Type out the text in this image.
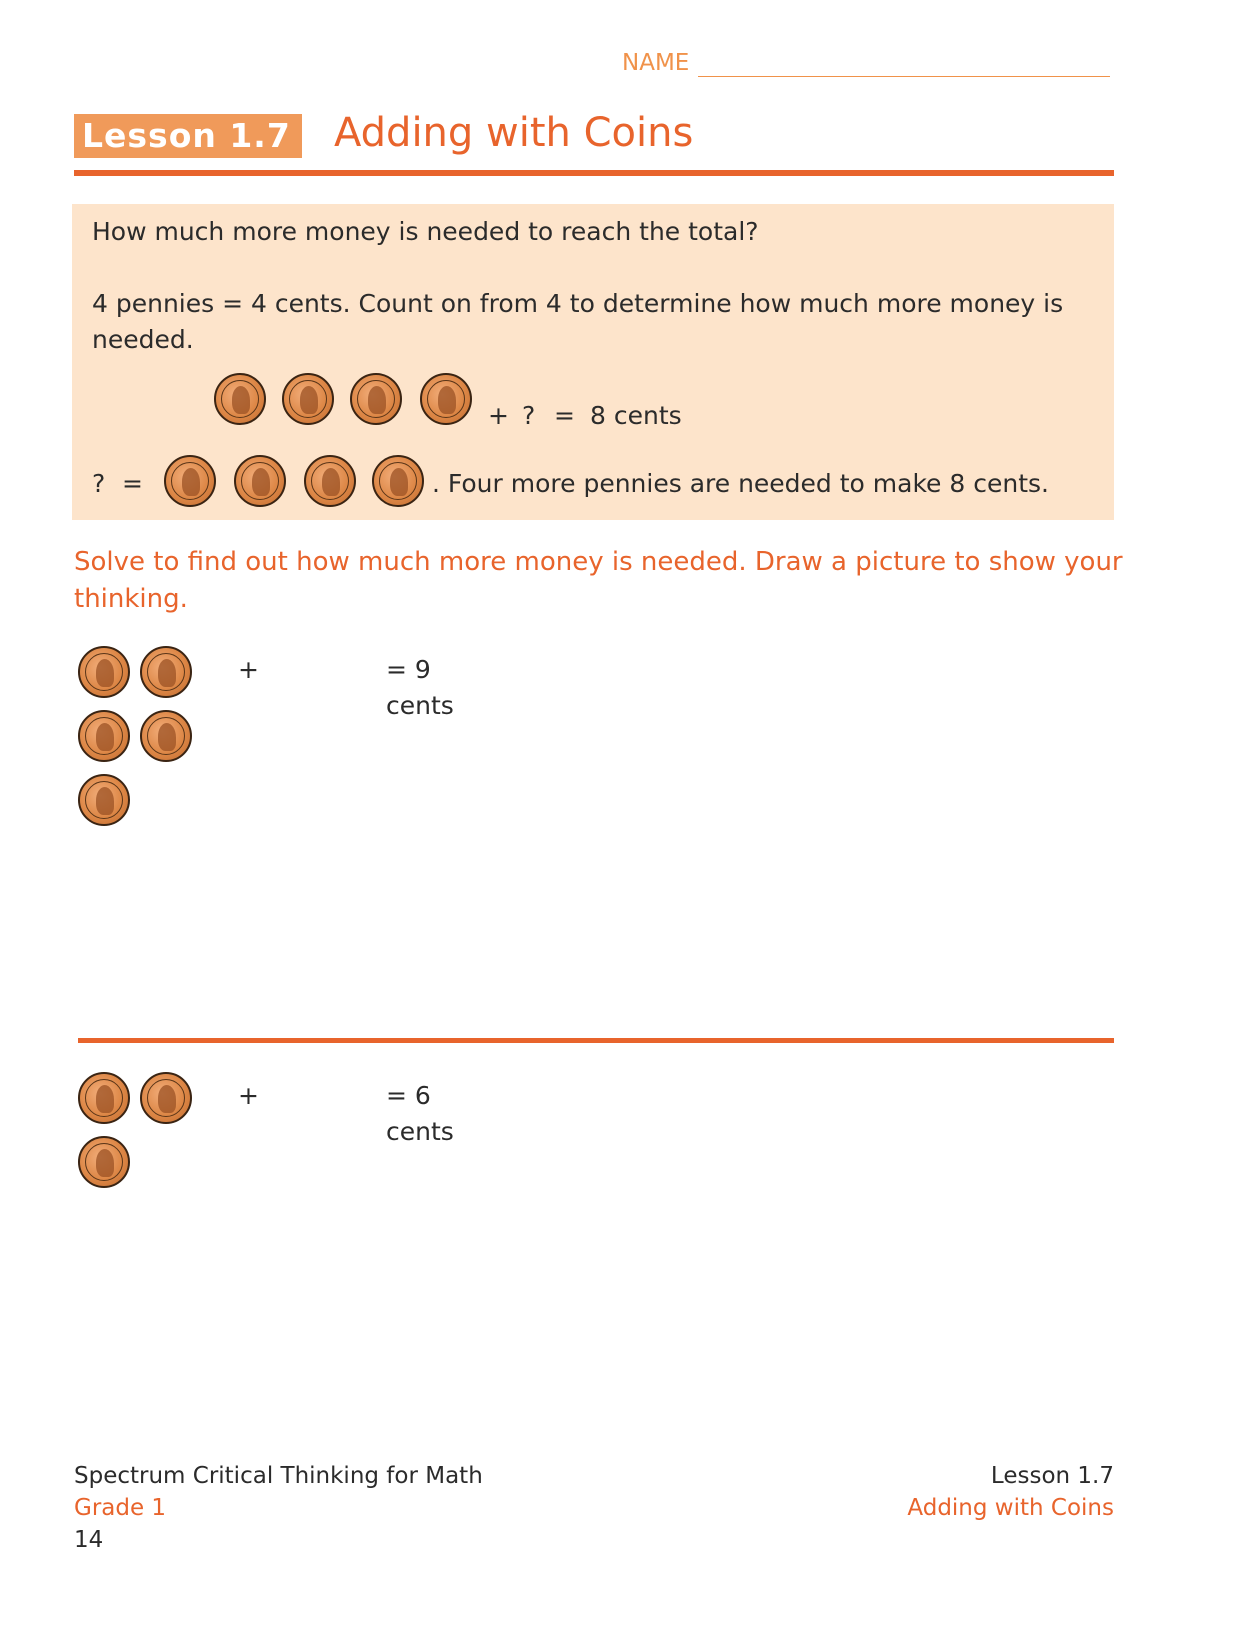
NAME
Lesson 1.7 Adding with Coins
How much more money is needed to reach the total?
4 pennies = 4 cents. Count on from 4 to determine how much more money is needed.
+ ? = 8 cents
? =	. Four more pennies are needed to make 8 cents.
Solve to find out how much more money is needed. Draw a picture to show your thinking.
+	= 9 cents
+	= 6 cents
Spectrum Critical Thinking for Math
Grade 1
14
Lesson 1.7
Adding with Coins
